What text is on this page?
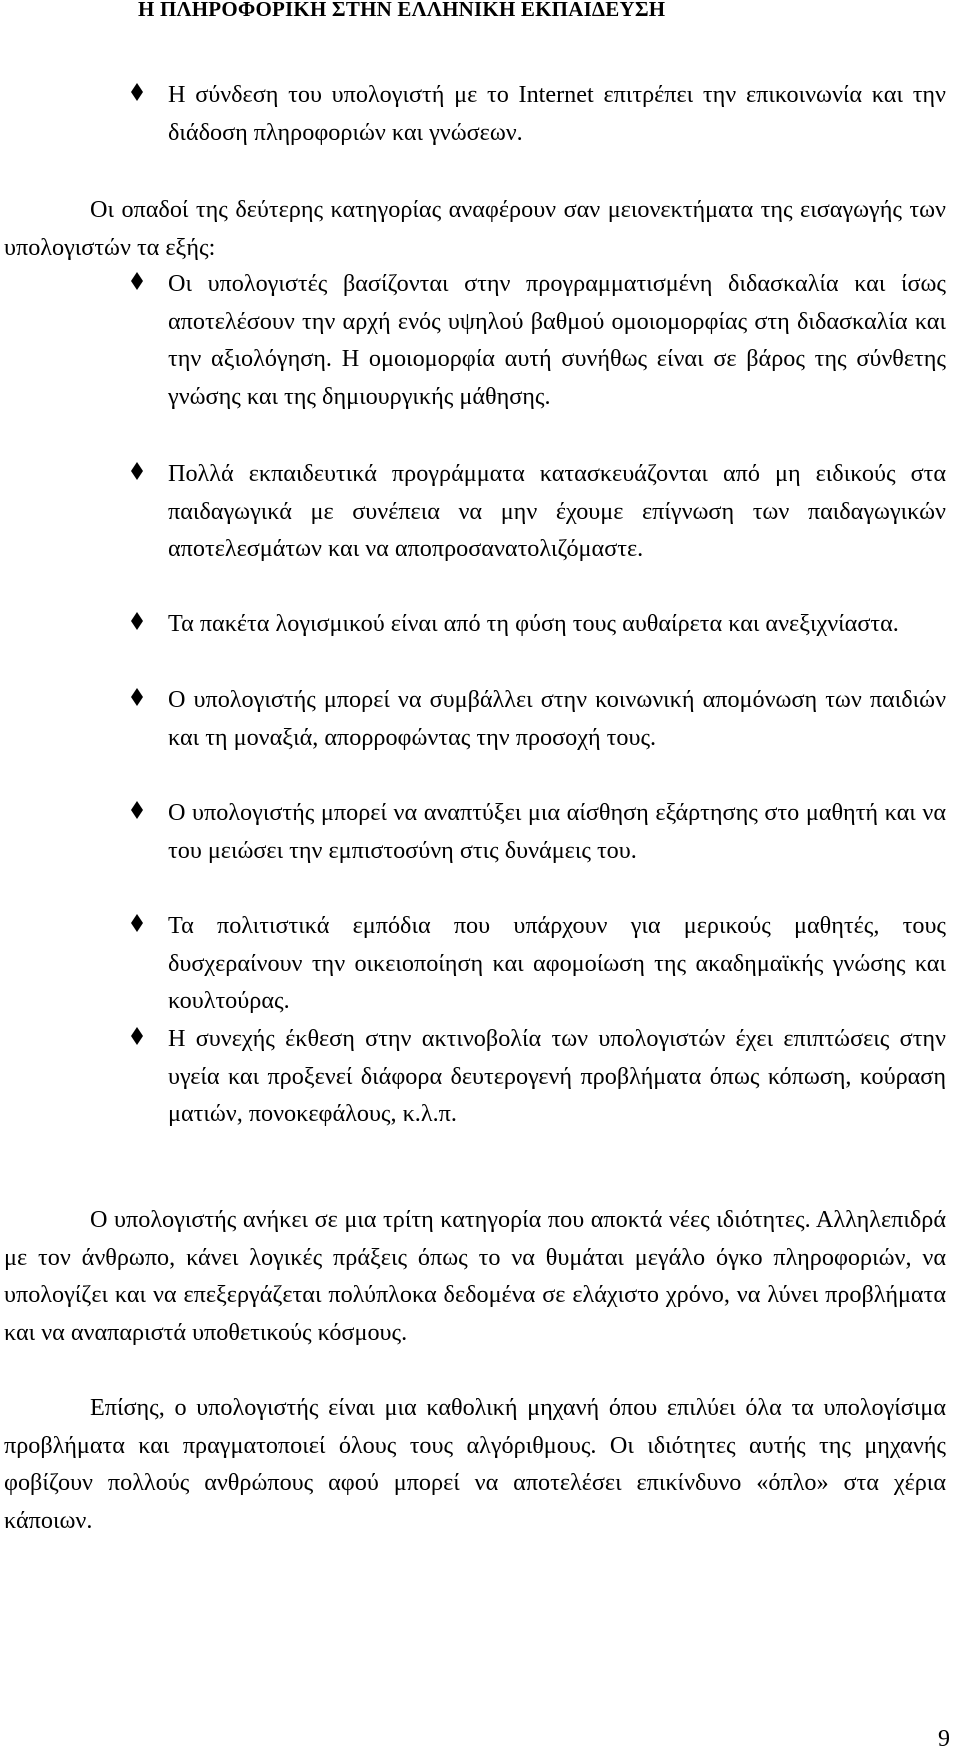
Η ΠΛΗΡΟΦΟΡΙΚΗ ΣΤΗΝ ΕΛΛΗΝΙΚΗ ΕΚΠΑΙΔΕΥΣΗ
Η σύνδεση του υπολογιστή με το Internet επιτρέπει την επικοινωνία και την διάδοση πληροφοριών και γνώσεων.
Οι οπαδοί της δεύτερης κατηγορίας αναφέρουν σαν μειονεκτήματα της εισαγωγής των υπολογιστών τα εξής:
Οι υπολογιστές βασίζονται στην προγραμματισμένη διδασκαλία και ίσως αποτελέσουν την αρχή ενός υψηλού βαθμού ομοιομορφίας στη διδασκαλία και την αξιολόγηση. Η ομοιομορφία αυτή συνήθως είναι σε βάρος της σύνθετης γνώσης και της δημιουργικής μάθησης.
Πολλά εκπαιδευτικά προγράμματα κατασκευάζονται από μη ειδικούς στα παιδαγωγικά με συνέπεια να μην έχουμε επίγνωση των παιδαγωγικών αποτελεσμάτων και να αποπροσανατολιζόμαστε.
Τα πακέτα λογισμικού είναι από τη φύση τους αυθαίρετα και ανεξιχνίαστα.
Ο υπολογιστής μπορεί να συμβάλλει στην κοινωνική απομόνωση των παιδιών και τη μοναξιά, απορροφώντας την προσοχή τους.
Ο υπολογιστής μπορεί να αναπτύξει μια αίσθηση εξάρτησης στο μαθητή και να του μειώσει την εμπιστοσύνη στις δυνάμεις του.
Τα πολιτιστικά εμπόδια που υπάρχουν για μερικούς μαθητές, τους δυσχεραίνουν την οικειοποίηση και αφομοίωση της ακαδημαϊκής γνώσης και κουλτούρας.
Η συνεχής έκθεση στην ακτινοβολία των υπολογιστών έχει επιπτώσεις στην υγεία και προξενεί διάφορα δευτερογενή προβλήματα όπως κόπωση, κούραση ματιών, πονοκεφάλους, κ.λ.π.
Ο υπολογιστής ανήκει σε μια τρίτη κατηγορία που αποκτά νέες ιδιότητες. Αλληλεπιδρά με τον άνθρωπο, κάνει λογικές πράξεις όπως το να θυμάται μεγάλο όγκο πληροφοριών, να υπολογίζει και να επεξεργάζεται πολύπλοκα δεδομένα σε ελάχιστο χρόνο, να λύνει προβλήματα και να αναπαριστά υποθετικούς κόσμους.
Επίσης, ο υπολογιστής είναι μια καθολική μηχανή όπου επιλύει όλα τα υπολογίσιμα προβλήματα και πραγματοποιεί όλους τους αλγόριθμους. Οι ιδιότητες αυτής της μηχανής φοβίζουν πολλούς ανθρώπους αφού μπορεί να αποτελέσει επικίνδυνο «όπλο» στα χέρια κάποιων.
9
